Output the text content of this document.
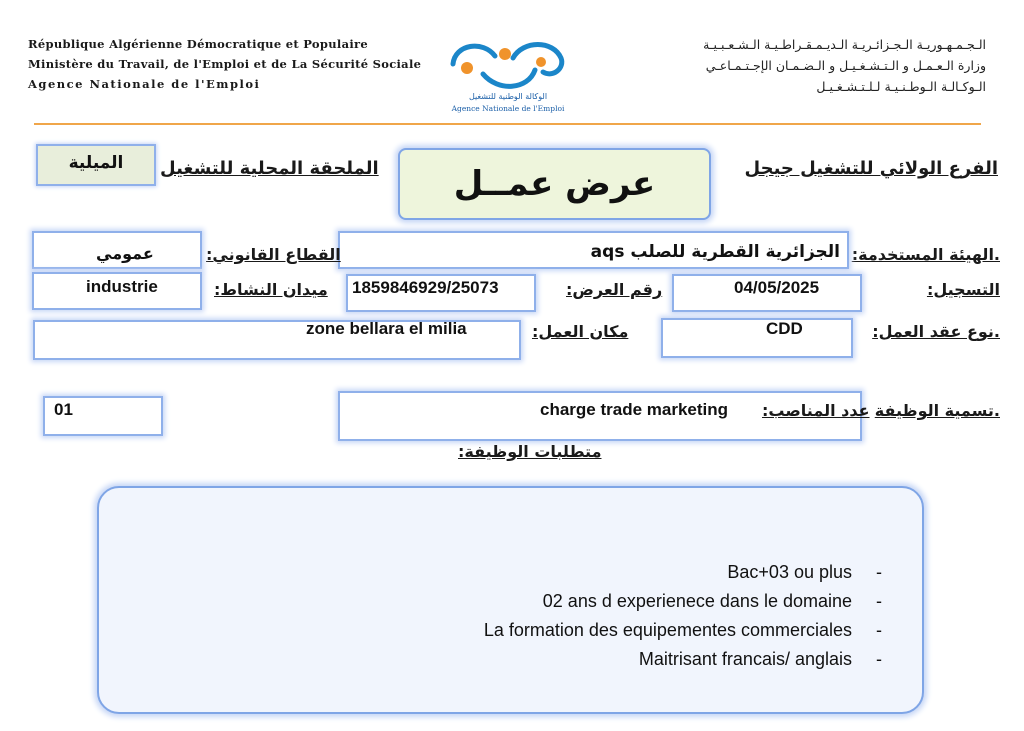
République Algérienne Démocratique et Populaire
Ministère du Travail, de l'Emploi et de La Sécurité Sociale
Agence Nationale de l'Emploi
الوكالة الوطنية للتشغيل
Agence Nationale de l'Emploi
الـجـمـهـوريـة الـجـزائـريـة الـديـمـقـراطـيـة الـشـعـبـيـة
وزارة الـعـمـل و الـتـشـغـيـل و الـضـمـان الإجـتـمـاعـي
الـوكـالـة الـوطـنـيـة لـلـتـشـغـيـل
الفرع الولائي للتشغيل جيجل
عرض عمــل
الملحقة المحلية للتشغيل
الميلية
.الهيئة المستخدمة:
الجزائرية القطرية للصلب aqs
القطاع القانوني:
عمومي
التسجيل:
04/05/2025
رقم العرض:
1859846929/25073
ميدان النشاط:
industrie
.نوع عقد العمل:
CDD
مكان العمل:
zone bellara el milia
.تسمية الوظيفة
عدد المناصب:
charge trade marketing
01
متطلبات الوظيفة:
Bac+03 ou plus -
02 ans d experienece dans le domaine -
La formation des equipementes commerciales -
Maitrisant francais/ anglais -
